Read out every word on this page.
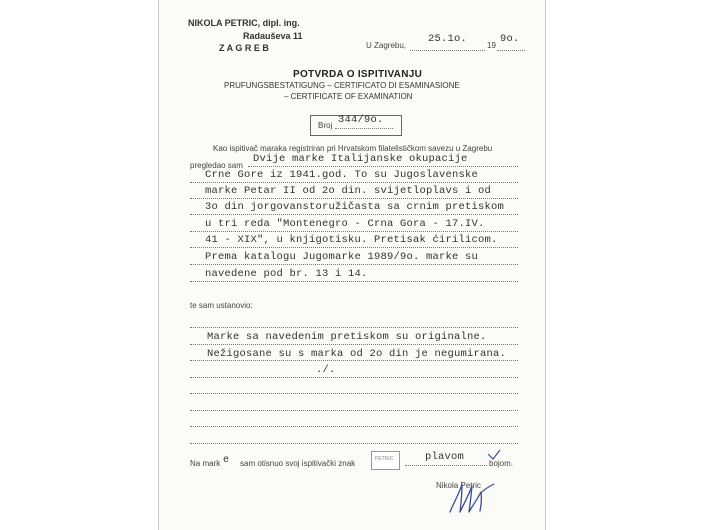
NIKOLA PETRIC, dipl. ing.
Radauševa 11
Z A G R E B	U Zagrebu,
25.1o.
19
9o.
POTVRDA O ISPITIVANJU
PRUFUNGSBESTATIGUNG – CERTIFICATO DI ESAMINASIONE
– CERTIFICATE OF EXAMINATION
Broj 344/9o.
Kao ispitivač maraka registriran pri Hrvatskom filatelističkom savezu u Zagrebu
pregledao sam
Dvije marke Italijanske okupacije
Crne Gore iz 1941.god. To su Jugoslavenske
marke Petar II od 2o din. svijetloplavs i od
3o din jorgovanstoružičasta sa crnim pretiskom
u tri reda "Montenegro - Crna Gora - 17.IV.
41 - XIX", u knjigotisku. Pretisak ćirilicom.
Prema katalogu Jugomarke 1989/9o. marke su
navedene pod br. 13 i 14.
te sam ustanovio:
Marke sa navedenim pretiskom su originalne.
Nežigosane su s marka od 2o din je negumirana.
./.
Na mark e sam otisnuo svoj ispitivački znak	PETRIC	plavom
bojom.
Nikola Petric
